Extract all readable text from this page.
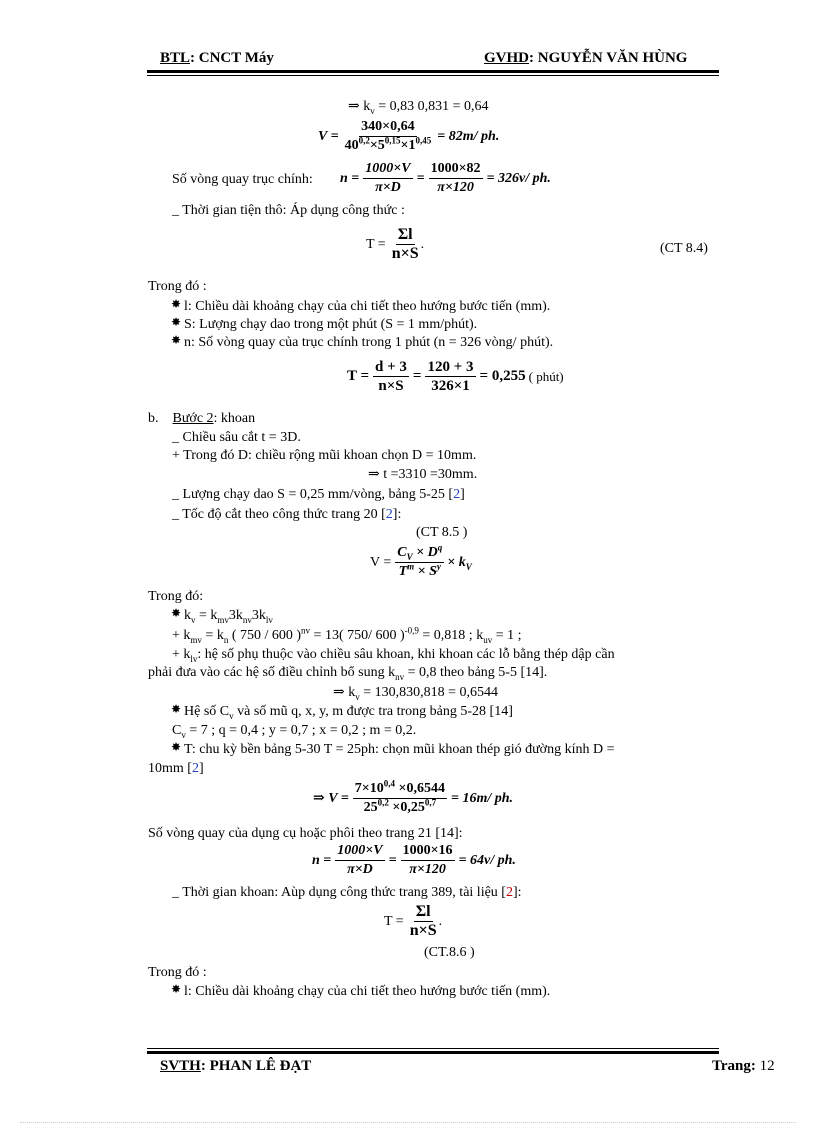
BTL: CNCT Máy	GVHD: NGUYỄN VĂN HÙNG
⇒ $k_v = 0,83$ 0,831 = 0,64
$V = \frac{340\times 0,64}{40^{0,2}\times 5^{0,15}\times 1^{0,45}} = 82m/$ ph.
Số vòng quay trục chính: $n = \frac{1000\times V}{\pi\times D} = \frac{1000\times 82}{\pi\times 120} = 326v/$ ph.
_ Thời gian tiện thô: Áp dụng công thức :
$T = \frac{\Sigma l}{n\times S}$ .	(CT 8.4)
Trong đó :
✸l: Chiều dài khoảng chạy của chi tiết theo hướng bước tiến (mm).
✸S: Lượng chạy dao trong một phút (S = 1 mm/phút).
✸n: Số vòng quay của trục chính trong 1 phút (n = 326 vòng/ phút).
$T = \frac{d + 3}{n\times S} = \frac{120 + 3}{326\times 1} = 0,255$ ( phút)
b. Bước 2: khoan
_ Chiều sâu cắt t = 3D.
+ Trong đó D: chiều rộng mũi khoan chọn D = 10mm.
⇒ t =3310 =30mm.
_ Lượng chạy dao S = 0,25 mm/vòng, bảng 5-25 [2]
_ Tốc độ cắt theo công thức trang 20 [2]:
(CT 8.5 )
$V = \frac{C_V \times D^q}{T^m \times S^y} \times k_V$
Trong đó:
$✸k_v = k_{mv}3k_{nv}3k_{lv}$
+ $k_{mv} = k_n$ ( 750 / 600 )$^{nv}$ = 13( 750/ 600 )$^{-0,9}$ = 0,818 ; $k_{uv} = 1$ ;
+ $k_{lv}$: hệ số phụ thuộc vào chiều sâu khoan, khi khoan các lỗ bằng thép dập cần
phải đưa vào các hệ số điều chỉnh bổ sung $k_{nv} = 0,8$ theo bảng 5-5 [14].
⇒ $k_v = 130,830,818 = 0,6544$
✸Hệ số $C_v$ và số mũ q, x, y, m được tra trong bảng 5-28 [14]
$C_v = 7$ ; q = 0,4 ; y = 0,7 ; x = 0,2 ; m = 0,2.
✸T: chu kỳ bền bảng 5-30 T = 25ph: chọn mũi khoan thép gió đường kính D =
10mm [2]
⇒ $V = \frac{7\times 10^{0,4} \times 0,6544}{25^{0,2} \times 0,25^{0,7}} = 16m/$ ph.
Số vòng quay của dụng cụ hoặc phôi theo trang 21 [14]:
$n = \frac{1000\times V}{\pi\times D} = \frac{1000\times 16}{\pi\times 120} = 64v/$ ph.
_ Thời gian khoan: Aùp dụng công thức trang 389, tài liệu [2]:
$T = \frac{\Sigma l}{n\times S}$ .
(CT.8.6 )
Trong đó :
✸l: Chiều dài khoảng chạy của chi tiết theo hướng bước tiến (mm).
SVTH: PHAN LÊ ĐẠT	Trang: 12
